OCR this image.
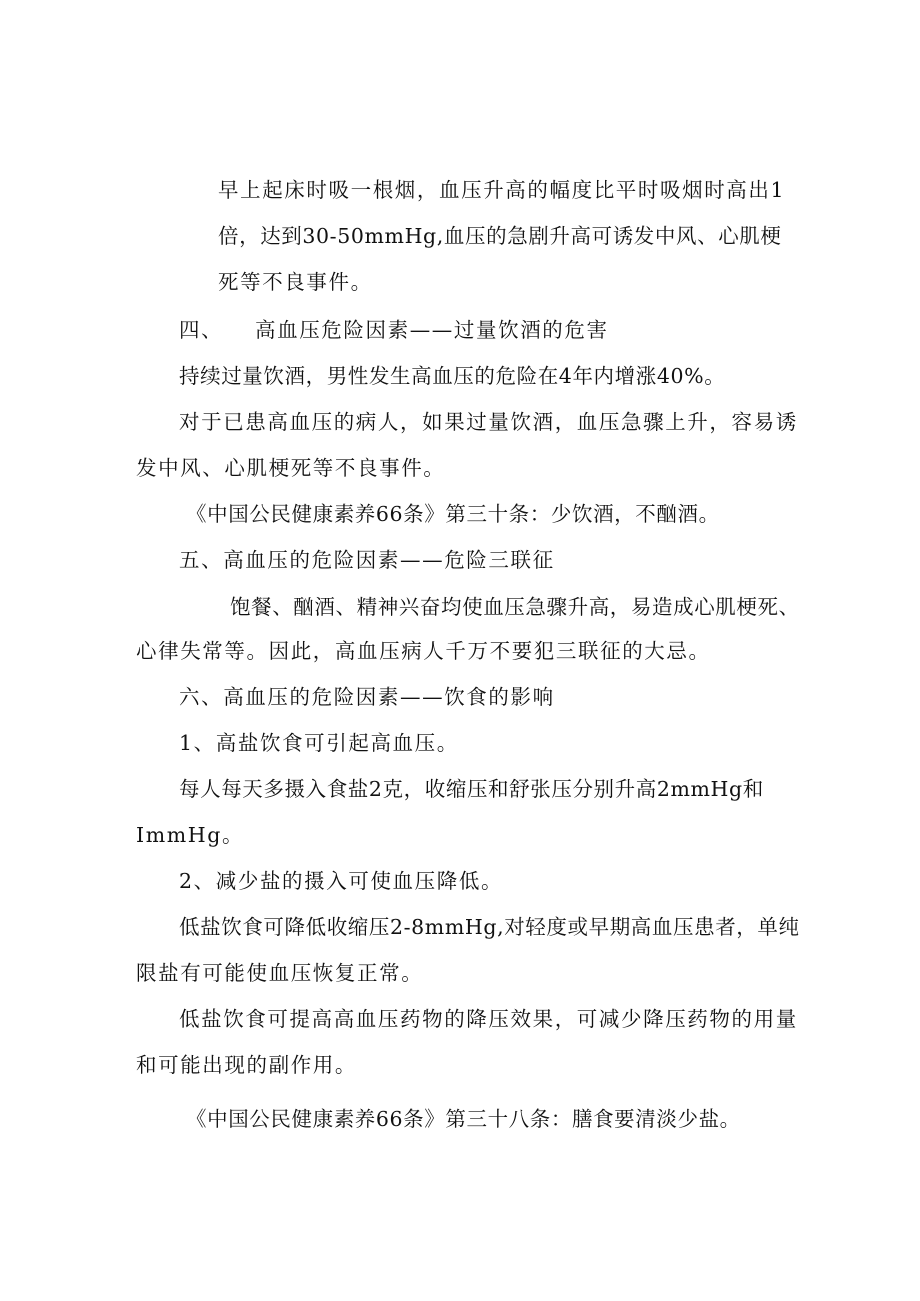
早上起床时吸一根烟，血压升高的幅度比平时吸烟时高出1

倍，达到30-50mmHg,血压的急剧升高可诱发中风、心肌梗

死等不良事件。

四、 高血压危险因素——过量饮酒的危害

持续过量饮酒，男性发生高血压的危险在4年内增涨40%。

对于已患高血压的病人，如果过量饮酒，血压急骤上升，容易诱

发中风、心肌梗死等不良事件。

《中国公民健康素养66条》第三十条：少饮酒，不酗酒。

五、高血压的危险因素——危险三联征

饱餐、酗酒、精神兴奋均使血压急骤升高，易造成心肌梗死、

心律失常等。因此，高血压病人千万不要犯三联征的大忌。

六、高血压的危险因素——饮食的影响

1、高盐饮食可引起高血压。

每人每天多摄入食盐2克，收缩压和舒张压分别升高2mmHg和

ImmHg。

2、减少盐的摄入可使血压降低。

低盐饮食可降低收缩压2-8mmHg,对轻度或早期高血压患者，单纯

限盐有可能使血压恢复正常。

低盐饮食可提高高血压药物的降压效果，可减少降压药物的用量

和可能出现的副作用。

《中国公民健康素养66条》第三十八条：膳食要清淡少盐。
